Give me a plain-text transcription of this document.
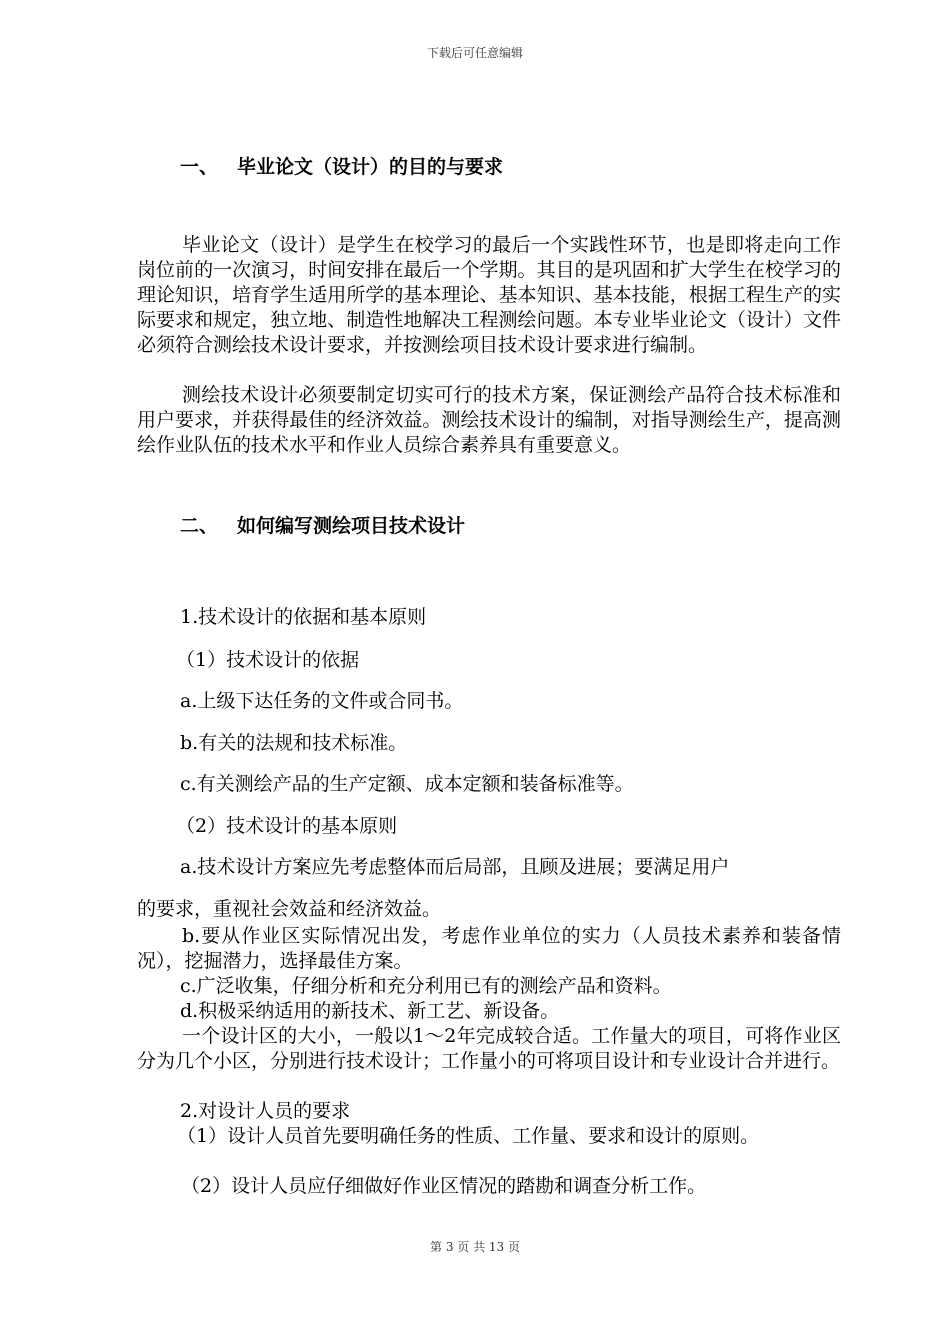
下载后可任意编辑
一、 毕业论文（设计）的目的与要求
毕业论文（设计）是学生在校学习的最后一个实践性环节，也是即将走向工作岗位前的一次演习，时间安排在最后一个学期。其目的是巩固和扩大学生在校学习的理论知识，培育学生适用所学的基本理论、基本知识、基本技能，根据工程生产的实际要求和规定，独立地、制造性地解决工程测绘问题。本专业毕业论文（设计）文件必须符合测绘技术设计要求，并按测绘项目技术设计要求进行编制。
测绘技术设计必须要制定切实可行的技术方案，保证测绘产品符合技术标准和用户要求，并获得最佳的经济效益。测绘技术设计的编制，对指导测绘生产，提高测绘作业队伍的技术水平和作业人员综合素养具有重要意义。
二、 如何编写测绘项目技术设计
1.技术设计的依据和基本原则
（1）技术设计的依据
a.上级下达任务的文件或合同书。
b.有关的法规和技术标准。
c.有关测绘产品的生产定额、成本定额和装备标准等。
（2）技术设计的基本原则
a.技术设计方案应先考虑整体而后局部，且顾及进展；要满足用户
的要求，重视社会效益和经济效益。
b.要从作业区实际情况出发，考虑作业单位的实力（人员技术素养和装备情况），挖掘潜力，选择最佳方案。
c.广泛收集，仔细分析和充分利用已有的测绘产品和资料。
d.积极采纳适用的新技术、新工艺、新设备。
一个设计区的大小，一般以1～2年完成较合适。工作量大的项目，可将作业区分为几个小区，分别进行技术设计；工作量小的可将项目设计和专业设计合并进行。
2.对设计人员的要求
（1）设计人员首先要明确任务的性质、工作量、要求和设计的原则。
（2）设计人员应仔细做好作业区情况的踏勘和调查分析工作。
第 3 页 共 13 页
